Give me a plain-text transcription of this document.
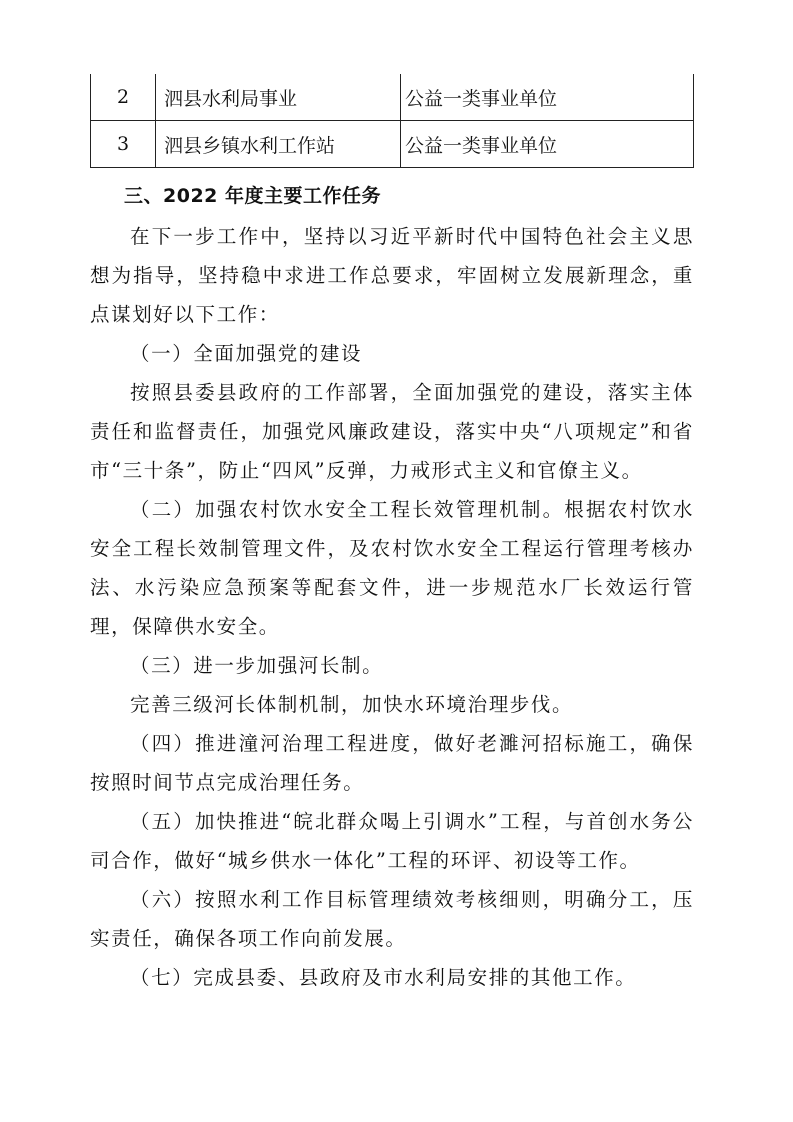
2	泗县水利局事业	公益一类事业单位
3	泗县乡镇水利工作站	公益一类事业单位
三、2022 年度主要工作任务

在下一步工作中，坚持以习近平新时代中国特色社会主义思想为指导，坚持稳中求进工作总要求，牢固树立发展新理念，重点谋划好以下工作：

（一）全面加强党的建设

按照县委县政府的工作部署，全面加强党的建设，落实主体责任和监督责任，加强党风廉政建设，落实中央“八项规定”和省市“三十条”，防止“四风”反弹，力戒形式主义和官僚主义。

（二）加强农村饮水安全工程长效管理机制。根据农村饮水安全工程长效制管理文件，及农村饮水安全工程运行管理考核办法、水污染应急预案等配套文件，进一步规范水厂长效运行管理，保障供水安全。

（三）进一步加强河长制。

完善三级河长体制机制，加快水环境治理步伐。

（四）推进潼河治理工程进度，做好老濉河招标施工，确保按照时间节点完成治理任务。

（五）加快推进“皖北群众喝上引调水”工程，与首创水务公司合作，做好“城乡供水一体化”工程的环评、初设等工作。

（六）按照水利工作目标管理绩效考核细则，明确分工，压实责任，确保各项工作向前发展。

（七）完成县委、县政府及市水利局安排的其他工作。
